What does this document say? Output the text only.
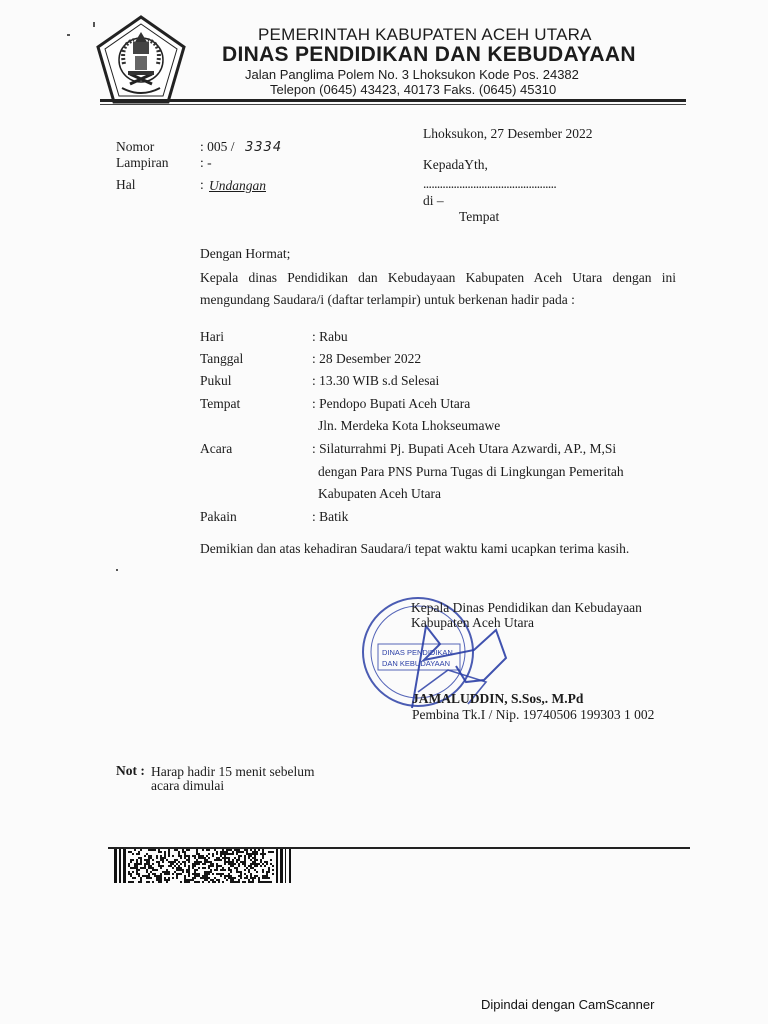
PEMERINTAH KABUPATEN ACEH UTARA
DINAS PENDIDIKAN DAN KEBUDAYAAN
Jalan Panglima Polem No. 3 Lhoksukon Kode Pos. 24382
Telepon (0645) 43423, 40173 Faks. (0645) 45310
Lhoksukon, 27 Desember 2022
Nomor	: 005 / 3334
Lampiran : -
Hal	: Undangan
KepadaYth,
................................................
di –
Tempat
Dengan Hormat;
Kepala dinas Pendidikan dan Kebudayaan Kabupaten Aceh Utara dengan ini
mengundang Saudara/i (daftar terlampir) untuk berkenan hadir pada :
Hari	: Rabu
Tanggal	: 28 Desember 2022
Pukul	: 13.30 WIB s.d Selesai
Tempat	: Pendopo Bupati Aceh Utara
Jln. Merdeka Kota Lhokseumawe
Acara	: Silaturrahmi Pj. Bupati Aceh Utara Azwardi, AP., M,Si
dengan Para PNS Purna Tugas di Lingkungan Pemeritah
Kabupaten Aceh Utara
Pakain	: Batik
Demikian dan atas kehadiran Saudara/i tepat waktu kami ucapkan terima kasih.
DINAS PENDIDIKAN
DAN KEBUDAYAAN
Kepala Dinas Pendidikan dan Kebudayaan
Kabupaten Aceh Utara
JAMALUDDIN, S.Sos,. M.Pd
Pembina Tk.I / Nip. 19740506 199303 1 002
Not : Harap hadir 15 menit sebelum
acara dimulai
Dipindai dengan CamScanner
